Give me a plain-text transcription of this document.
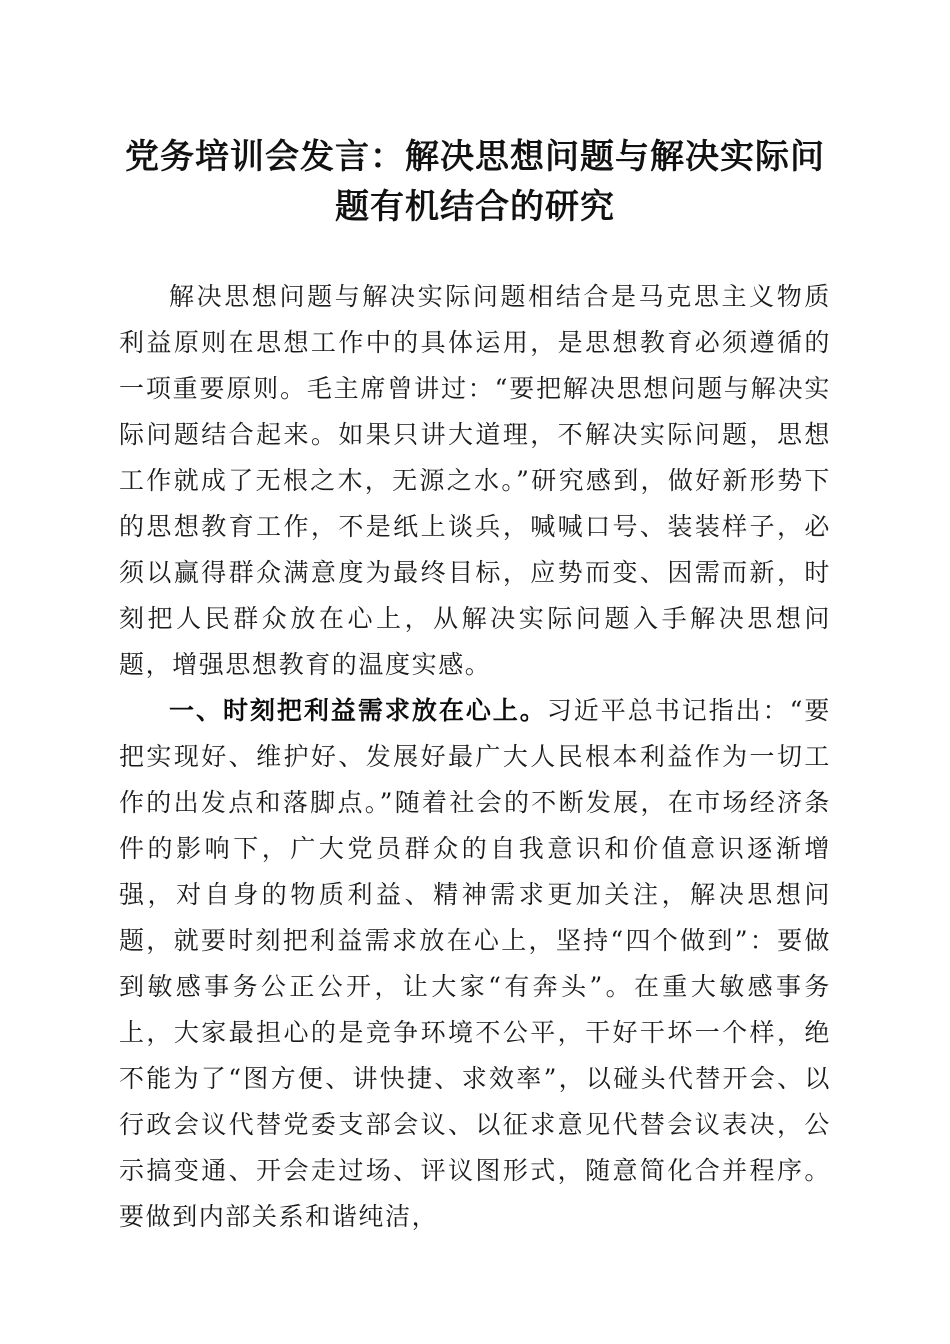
党务培训会发言：解决思想问题与解决实际问题有机结合的研究

解决思想问题与解决实际问题相结合是马克思主义物质利益原则在思想工作中的具体运用，是思想教育必须遵循的一项重要原则。毛主席曾讲过：“要把解决思想问题与解决实际问题结合起来。如果只讲大道理，不解决实际问题，思想工作就成了无根之木，无源之水。”研究感到，做好新形势下的思想教育工作，不是纸上谈兵，喊喊口号、装装样子，必须以赢得群众满意度为最终目标，应势而变、因需而新，时刻把人民群众放在心上，从解决实际问题入手解决思想问题，增强思想教育的温度实感。

一、时刻把利益需求放在心上。习近平总书记指出：“要把实现好、维护好、发展好最广大人民根本利益作为一切工作的出发点和落脚点。”随着社会的不断发展，在市场经济条件的影响下，广大党员群众的自我意识和价值意识逐渐增强，对自身的物质利益、精神需求更加关注，解决思想问题，就要时刻把利益需求放在心上，坚持“四个做到”：要做到敏感事务公正公开，让大家“有奔头”。在重大敏感事务上，大家最担心的是竞争环境不公平，干好干坏一个样，绝不能为了“图方便、讲快捷、求效率”，以碰头代替开会、以行政会议代替党委支部会议、以征求意见代替会议表决，公示搞变通、开会走过场、评议图形式，随意简化合并程序。要做到内部关系和谐纯洁，
